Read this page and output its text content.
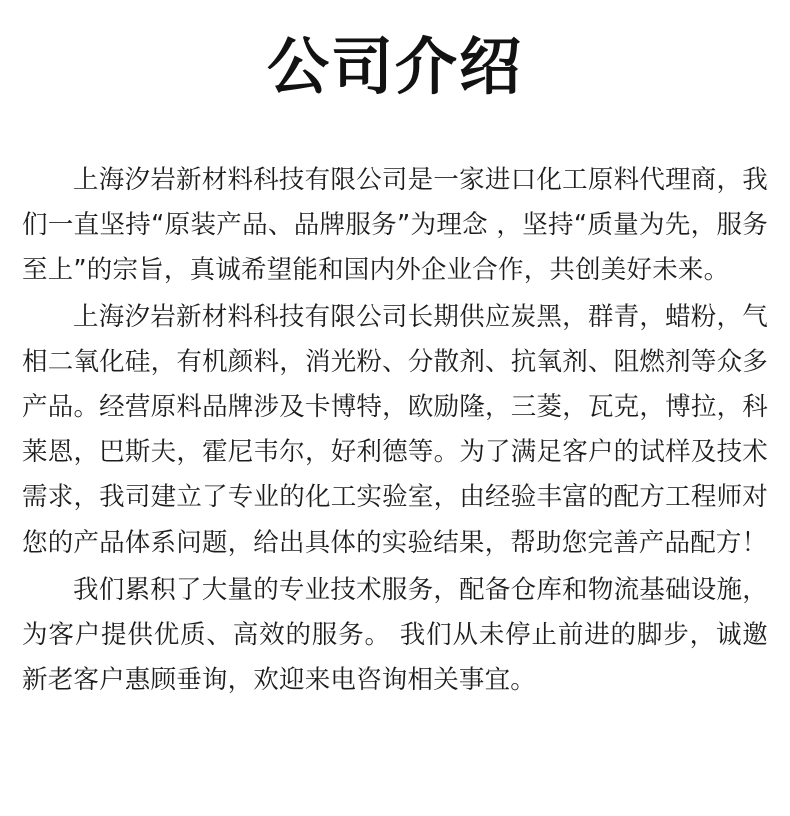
公司介绍

上海汐岩新材料科技有限公司是一家进口化工原料代理商，我们一直坚持“原装产品、品牌服务”为理念 ，坚持“质量为先，服务至上”的宗旨，真诚希望能和国内外企业合作，共创美好未来。

上海汐岩新材料科技有限公司长期供应炭黑，群青，蜡粉，气相二氧化硅，有机颜料，消光粉、分散剂、抗氧剂、阻燃剂等众多产品。经营原料品牌涉及卡博特，欧励隆，三菱，瓦克，博拉，科莱恩，巴斯夫，霍尼韦尔，好利德等。为了满足客户的试样及技术需求，我司建立了专业的化工实验室，由经验丰富的配方工程师对您的产品体系问题，给出具体的实验结果，帮助您完善产品配方！

我们累积了大量的专业技术服务，配备仓库和物流基础设施，为客户提供优质、高效的服务。 我们从未停止前进的脚步，诚邀新老客户惠顾垂询，欢迎来电咨询相关事宜。
